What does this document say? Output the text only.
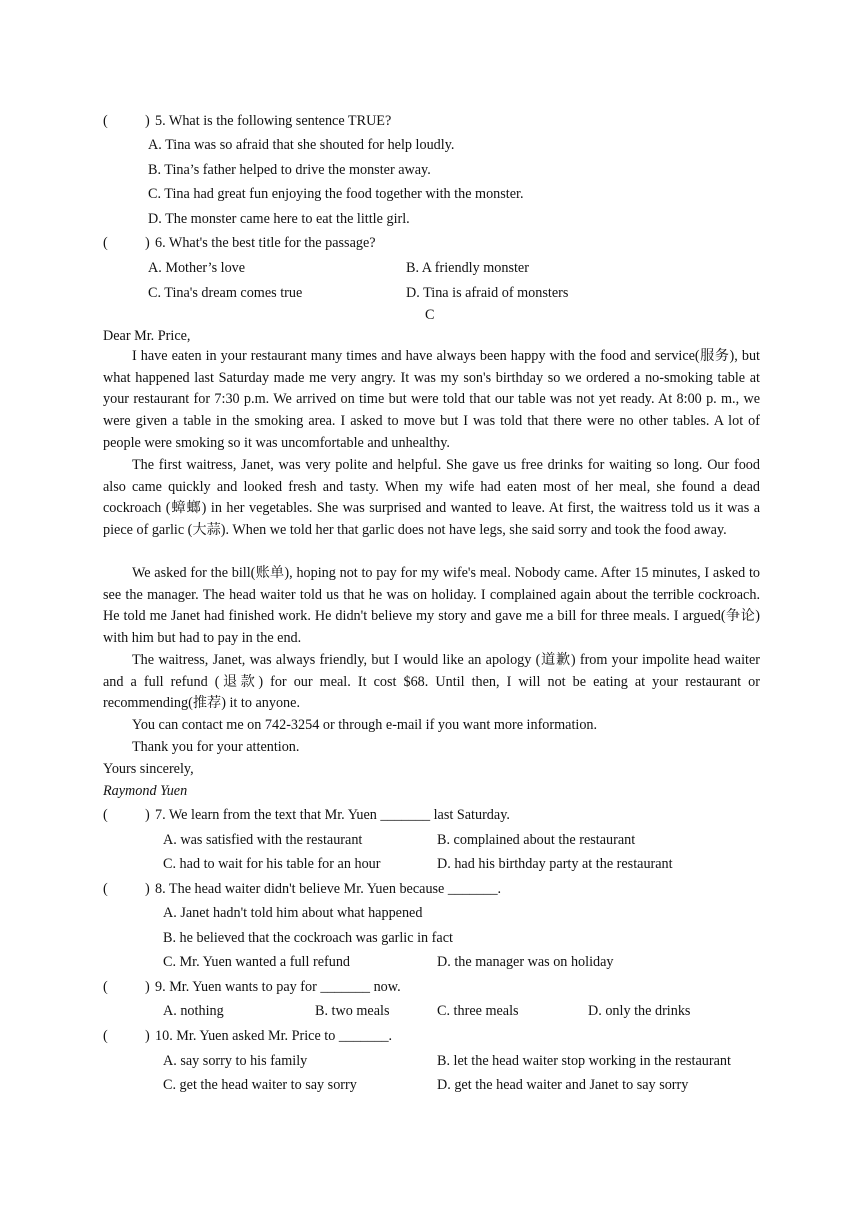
(	) 5. What is the following sentence TRUE?
A. Tina was so afraid that she shouted for help loudly.
B. Tina’s father helped to drive the monster away.
C. Tina had great fun enjoying the food together with the monster.
D. The monster came here to eat the little girl.
(	) 6. What's the best title for the passage?
A. Mother’s love	B. A friendly monster
C. Tina's dream comes true	D. Tina is afraid of monsters
C
Dear Mr. Price,
I have eaten in your restaurant many times and have always been happy with the food and service(服务), but what happened last Saturday made me very angry. It was my son's birthday so we ordered a no-smoking table at your restaurant for 7:30 p.m. We arrived on time but were told that our table was not yet ready. At 8:00 p. m., we were given a table in the smoking area. I asked to move but I was told that there were no other tables. A lot of people were smoking so it was uncomfortable and unhealthy.
The first waitress, Janet, was very polite and helpful. She gave us free drinks for waiting so long. Our food also came quickly and looked fresh and tasty. When my wife had eaten most of her meal, she found a dead cockroach (蟑螂) in her vegetables. She was surprised and wanted to leave. At first, the waitress told us it was a piece of garlic (大蒜). When we told her that garlic does not have legs, she said sorry and took the food away.
We asked for the bill(账单), hoping not to pay for my wife's meal. Nobody came. After 15 minutes, I asked to see the manager. The head waiter told us that he was on holiday. I complained again about the terrible cockroach. He told me Janet had finished work. He didn't believe my story and gave me a bill for three meals. I argued(争论) with him but had to pay in the end.
The waitress, Janet, was always friendly, but I would like an apology (道歉) from your impolite head waiter and a full refund (退款) for our meal. It cost $68. Until then, I will not be eating at your restaurant or recommending(推荐) it to anyone.
You can contact me on 742-3254 or through e-mail if you want more information.
Thank you for your attention.
Yours sincerely,
Raymond Yuen
(	) 7. We learn from the text that Mr. Yuen _______ last Saturday.
A. was satisfied with the restaurant	B. complained about the restaurant
C. had to wait for his table for an hour	D. had his birthday party at the restaurant
(	) 8. The head waiter didn't believe Mr. Yuen because _______.
A. Janet hadn't told him about what happened
B. he believed that the cockroach was garlic in fact
C. Mr. Yuen wanted a full refund	D. the manager was on holiday
(	) 9. Mr. Yuen wants to pay for _______ now.
A. nothing	B. two meals	C. three meals	D. only the drinks
(	) 10. Mr. Yuen asked Mr. Price to _______.
A. say sorry to his family	B. let the head waiter stop working in the restaurant
C. get the head waiter to say sorry	D. get the head waiter and Janet to say sorry
